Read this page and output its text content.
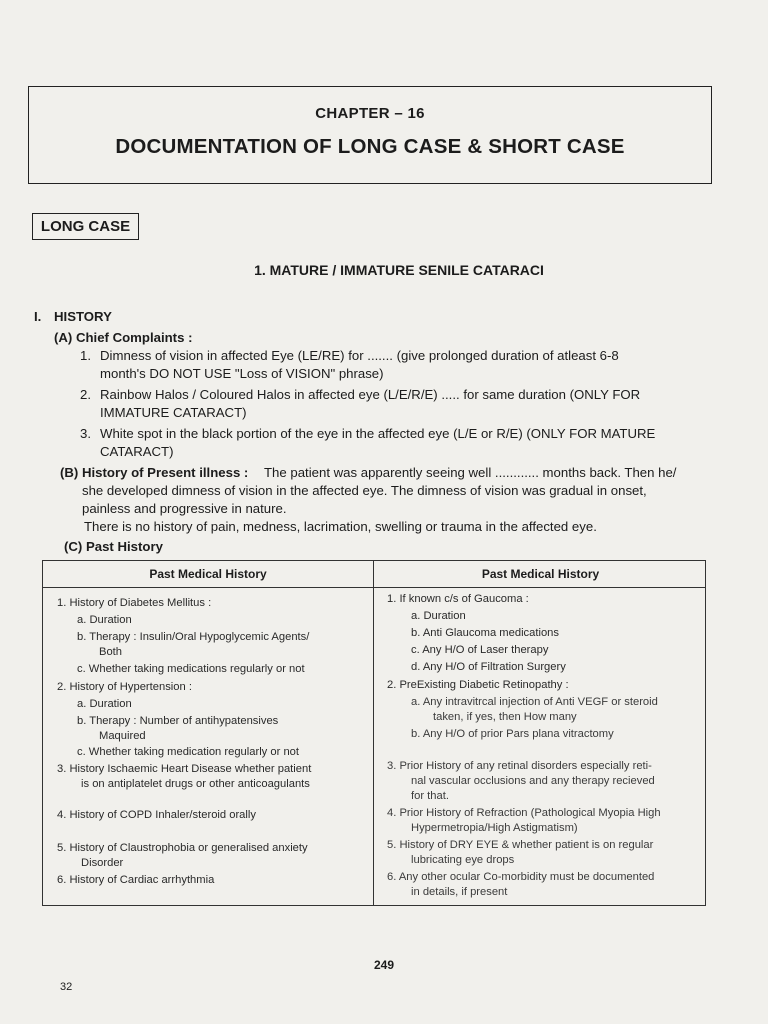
CHAPTER – 16
DOCUMENTATION OF LONG CASE & SHORT CASE
LONG CASE
1. MATURE / IMMATURE SENILE CATARACI
I. HISTORY
(A) Chief Complaints :
1. Dimness of vision in affected Eye (LE/RE) for ....... (give prolonged duration of atleast 6-8
month's DO NOT USE "Loss of VISION" phrase)
2. Rainbow Halos / Coloured Halos in affected eye (L/E/R/E) ..... for same duration (ONLY FOR
IMMATURE CATARACT)
3. White spot in the black portion of the eye in the affected eye (L/E or R/E) (ONLY FOR MATURE
CATARACT)
(B) History of Present illness : The patient was apparently seeing well ............ months back. Then he/
she developed dimness of vision in the affected eye. The dimness of vision was gradual in onset,
painless and progressive in nature.
There is no history of pain, medness, lacrimation, swelling or trauma in the affected eye.
(C) Past History
Past Medical History	Past Medical History
1. History of Diabetes Mellitus :
a. Duration
b. Therapy : Insulin/Oral Hypoglycemic Agents/
Both
c. Whether taking medications regularly or not
2. History of Hypertension :
a. Duration
b. Therapy : Number of antihypatensives
Maquired
c. Whether taking medication regularly or not
3. History Ischaemic Heart Disease whether patient
is on antiplatelet drugs or other anticoagulants
4. History of COPD Inhaler/steroid orally
5. History of Claustrophobia or generalised anxiety
Disorder
6. History of Cardiac arrhythmia
1. If known c/s of Gaucoma :
a. Duration
b. Anti Glaucoma medications
c. Any H/O of Laser therapy
d. Any H/O of Filtration Surgery
2. PreExisting Diabetic Retinopathy :
a. Any intravitrcal injection of Anti VEGF or steroid
taken, if yes, then How many
b. Any H/O of prior Pars plana vitractomy
3. Prior History of any retinal disorders especially reti-
nal vascular occlusions and any therapy recieved
for that.
4. Prior History of Refraction (Pathological Myopia High
Hypermetropia/High Astigmatism)
5. History of DRY EYE & whether patient is on regular
lubricating eye drops
6. Any other ocular Co-morbidity must be documented
in details, if present
249
32
